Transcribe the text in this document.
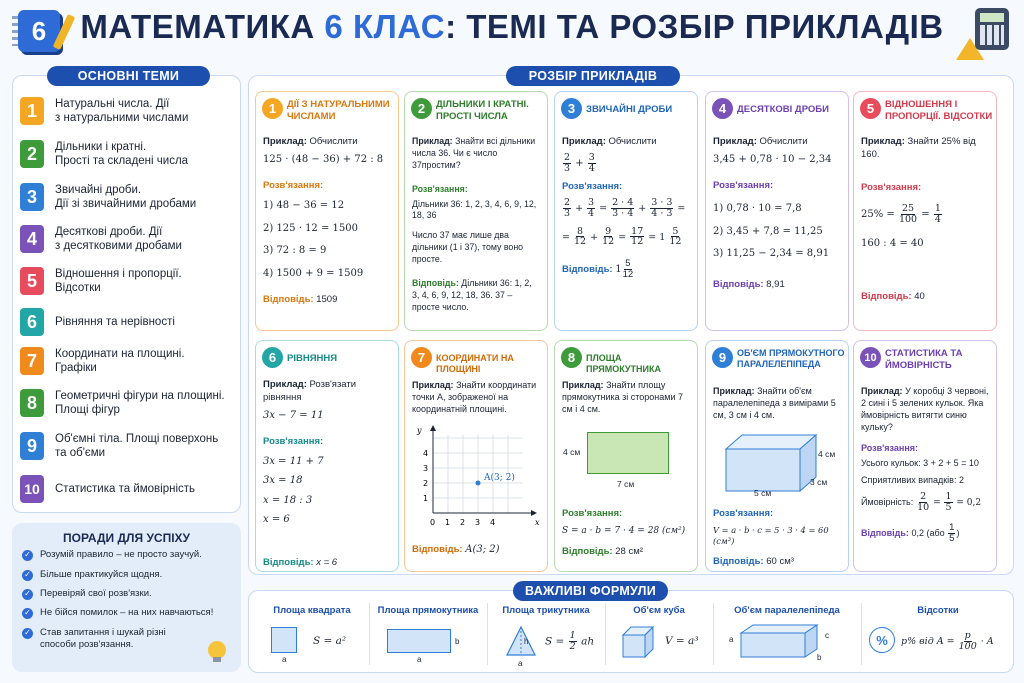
6	МАТЕМАТИКА 6 КЛАС: ТЕМІ ТА РОЗБІР ПРИКЛАДІВ
ОСНОВНІ ТЕМИ
1	Натуральні числа. Дії
з натуральними числами
2	Дільники і кратні.
Прості та складені числа
3	Звичайні дроби.
Дії зі звичайними дробами
4	Десяткові дроби. Дії
з десятковими дробами
5	Відношення і пропорції.
Відсотки
6	Рівняння та нерівності
7	Координати на площині.
Графіки
8	Геометричні фігури на площині.
Площі фігур
9	Об'ємні тіла. Площі поверхонь
та об'єми
10	Статистика та ймовірність
ПОРАДИ ДЛЯ УСПІХУ
✓ Розумій правило – не просто заучуй.
✓ Більше практикуйся щодня.
✓ Перевіряй свої розв'язки.
✓ Не бійся помилок – на них навчаються!
✓ Став запитання і шукай різні способи розв'язання.
РОЗБІР ПРИКЛАДІВ
1	ДІЇ З НАТУРАЛЬНИМИ ЧИСЛАМИ
Приклад: Обчислити
125 · (48 − 36) + 72 : 8
Розв'язання:
1) 48 − 36 = 12
2) 125 · 12 = 1500
3) 72 : 8 = 9
4) 1500 + 9 = 1509
Відповідь: 1509
2	ДІЛЬНИКИ І КРАТНІ. ПРОСТІ ЧИСЛА
Приклад: Знайти всі дільники числа 36. Чи є число 37простим?
Розв'язання:
Дільники 36: 1, 2, 3, 4, 6, 9, 12, 18, 36
Число 37 має лише два дільники (1 і 37), тому воно просте.
Відповідь: Дільники 36: 1, 2, 3, 4, 6, 9, 12, 18, 36. 37 – просте число.
3	ЗВИЧАЙНІ ДРОБИ
Приклад: Обчислити
$\frac{2}{3} + \frac{3}{4}$
Розв'язання:
$\frac{2}{3} + \frac{3}{4} = \frac{2 \cdot 4}{3 \cdot 4} + \frac{3 \cdot 3}{4 \cdot 3}$ =
= $\frac{8}{12} + \frac{9}{12} = \frac{17}{12} = 1 \frac{5}{12}$
Відповідь: $1 \frac{5}{12}$
4	ДЕСЯТКОВІ ДРОБИ
Приклад: Обчислити
3,45 + 0,78 · 10 − 2,34
Розв'язання:
1) 0,78 · 10 = 7,8
2) 3,45 + 7,8 = 11,25
3) 11,25 − 2,34 = 8,91
Відповідь: 8,91
5	ВІДНОШЕННЯ І ПРОПОРЦІЇ. ВІДСОТКИ
Приклад: Знайти 25% від 160.
Розв'язання:
$25\% = \frac{25}{100} = \frac{1}{4}$
160 : 4 = 40
Відповідь: 40
6	РІВНЯННЯ
Приклад: Розв'язати рівняння
3x − 7 = 11
Розв'язання:
3x = 11 + 7
3x = 18
x = 18 : 3
x = 6
Відповідь: x = 6
7	КООРДИНАТИ НА ПЛОЩИНІ
Приклад: Знайти координати точки A, зображеної на координатній площині.
x
y
0 1 2 3 4
1
2
3
4
A(3; 2)
Відповідь: A(3; 2)
8	ПЛОЩА ПРЯМОКУТНИКА
Приклад: Знайти площу прямокутника зі сторонами 7 см і 4 см.
4 см
7 см
Розв'язання:
S = a · b = 7 · 4 = 28 (см²)
Відповідь: 28 см²
9	ОБ'ЄМ ПРЯМОКУТНОГО ПАРАЛЕЛЕПІПЕДА
Приклад: Знайти об'єм паралелепіпеда з вимірами 5 см, 3 см і 4 см.
4 см
3 см
5 см
Розв'язання:
V = a · b · c = 5 · 3 · 4 = 60 (см³)
Відповідь: 60 см³
10 СТАТИСТИКА ТА ЙМОВІРНІСТЬ
Приклад: У коробці 3 червоні, 2 сині і 5 зелених кульок. Яка ймовірність витягти синю кульку?
Розв'язання:
Усього кульок: 3 + 2 + 5 = 10
Сприятливих випадків: 2
Ймовірність: $\frac{2}{10} = \frac{1}{5} = 0,2$
Відповідь: 0,2 ($або \frac{1}{5}$ )
Площа квадрата
a
S = a²
Площа прямокутника
b
a
Площа трикутника
h
a
$S = \frac{1}{2}$ ah
Об'єм куба
V = a³
Об'єм паралелепіпеда
a	c
b
Відсотки
%	p% від $A = \frac{p}{100} \cdot A$
ВАЖЛИВІ ФОРМУЛИ
